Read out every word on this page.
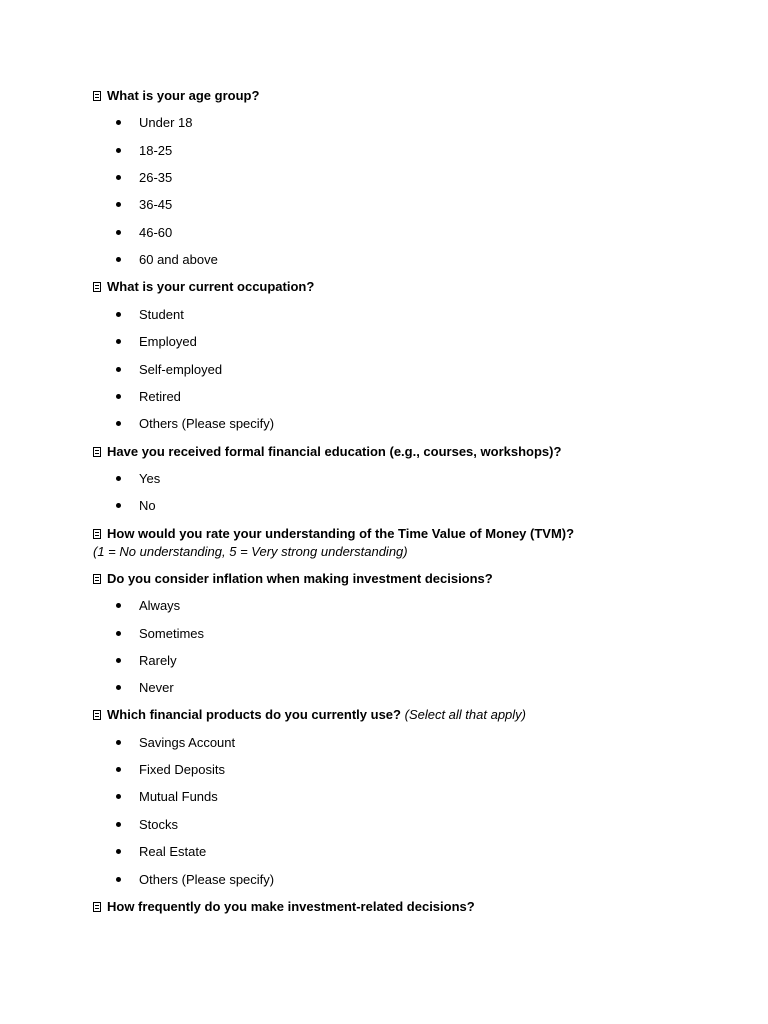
What is your age group?
Under 18
18-25
26-35
36-45
46-60
60 and above
What is your current occupation?
Student
Employed
Self-employed
Retired
Others (Please specify)
Have you received formal financial education (e.g., courses, workshops)?
Yes
No
How would you rate your understanding of the Time Value of Money (TVM)?
(1 = No understanding, 5 = Very strong understanding)
Do you consider inflation when making investment decisions?
Always
Sometimes
Rarely
Never
Which financial products do you currently use? (Select all that apply)
Savings Account
Fixed Deposits
Mutual Funds
Stocks
Real Estate
Others (Please specify)
How frequently do you make investment-related decisions?
